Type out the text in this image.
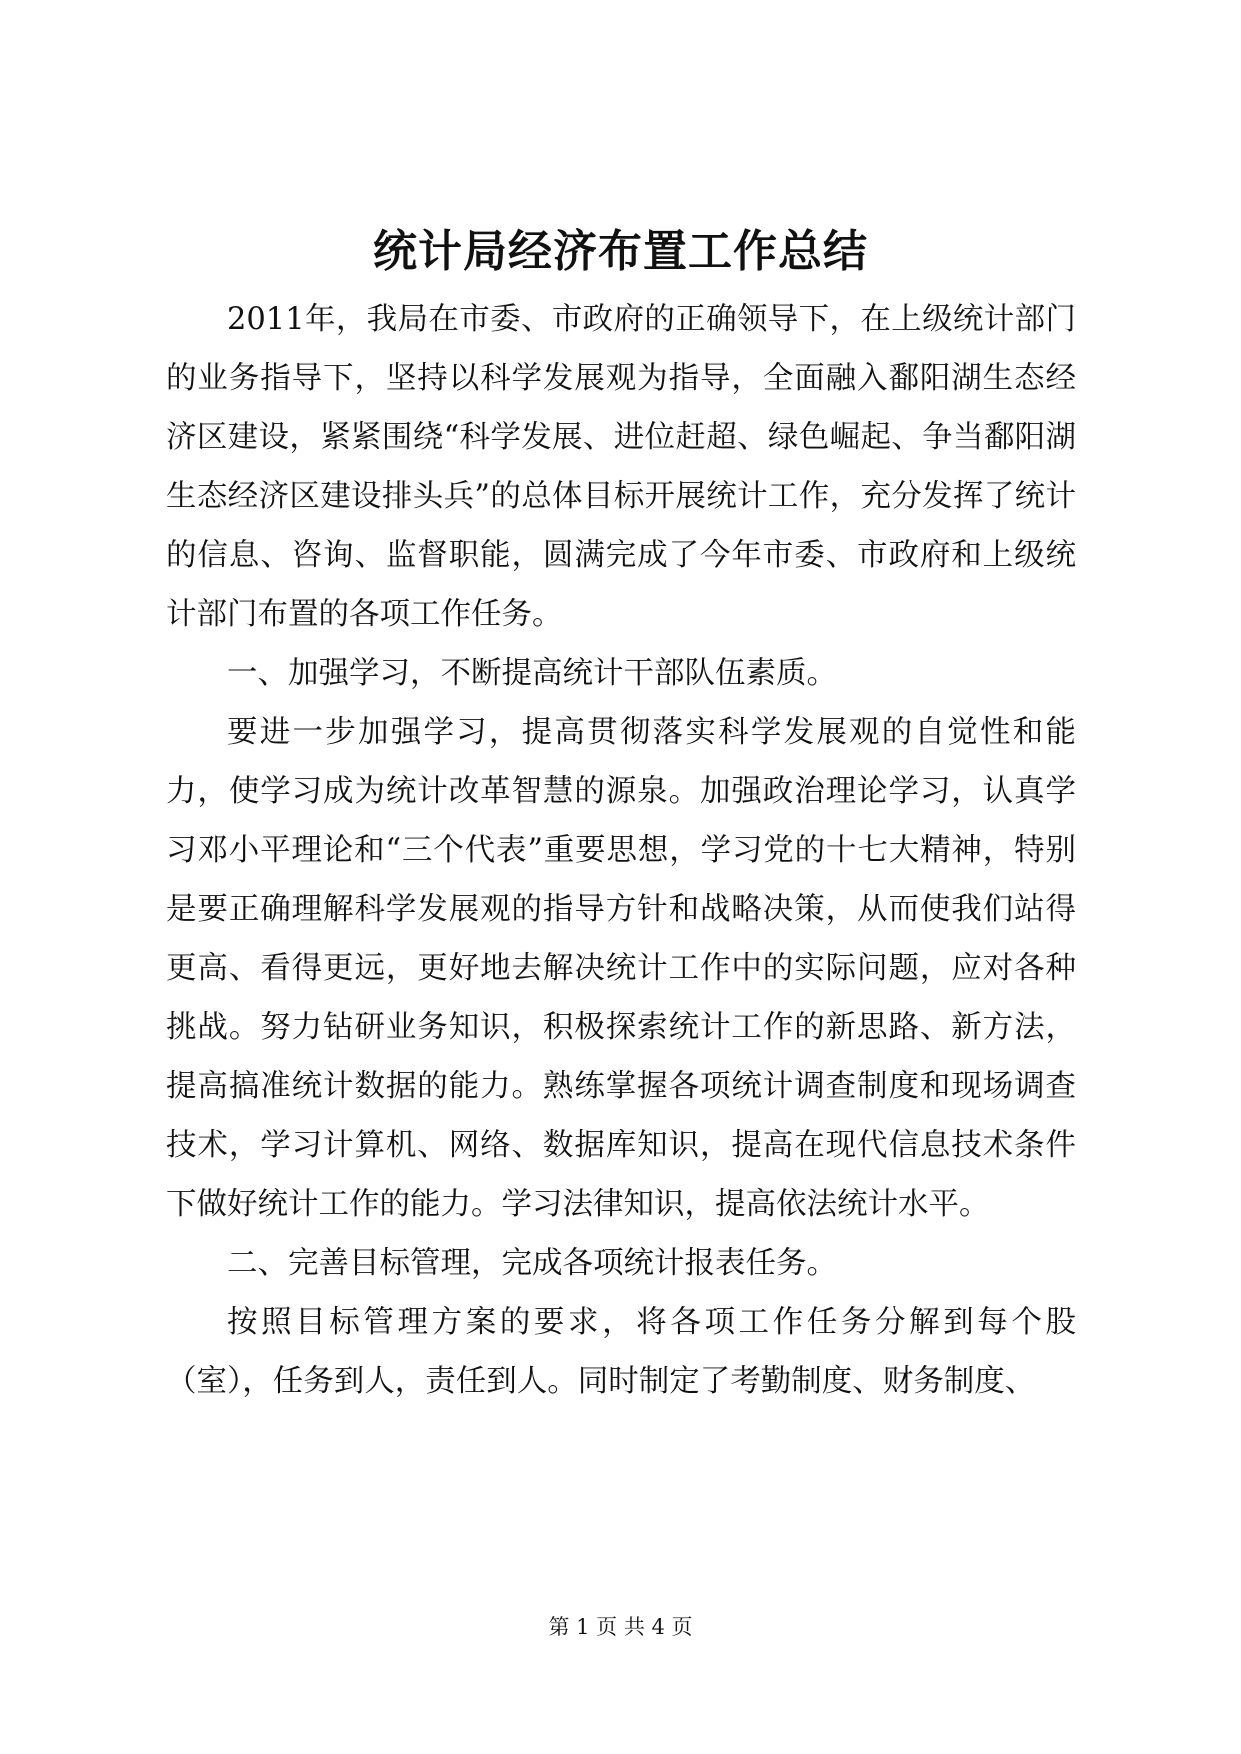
统计局经济布置工作总结

2011年，我局在市委、市政府的正确领导下，在上级统计部门的业务指导下，坚持以科学发展观为指导，全面融入鄱阳湖生态经济区建设，紧紧围绕“科学发展、进位赶超、绿色崛起、争当鄱阳湖生态经济区建设排头兵”的总体目标开展统计工作，充分发挥了统计的信息、咨询、监督职能，圆满完成了今年市委、市政府和上级统计部门布置的各项工作任务。

一、加强学习，不断提高统计干部队伍素质。

要进一步加强学习，提高贯彻落实科学发展观的自觉性和能力，使学习成为统计改革智慧的源泉。加强政治理论学习，认真学习邓小平理论和“三个代表”重要思想，学习党的十七大精神，特别是要正确理解科学发展观的指导方针和战略决策，从而使我们站得更高、看得更远，更好地去解决统计工作中的实际问题，应对各种挑战。努力钻研业务知识，积极探索统计工作的新思路、新方法，提高搞准统计数据的能力。熟练掌握各项统计调查制度和现场调查技术，学习计算机、网络、数据库知识，提高在现代信息技术条件下做好统计工作的能力。学习法律知识，提高依法统计水平。

二、完善目标管理，完成各项统计报表任务。

按照目标管理方案的要求，将各项工作任务分解到每个股（室），任务到人，责任到人。同时制定了考勤制度、财务制度、

第 1 页 共 4 页
